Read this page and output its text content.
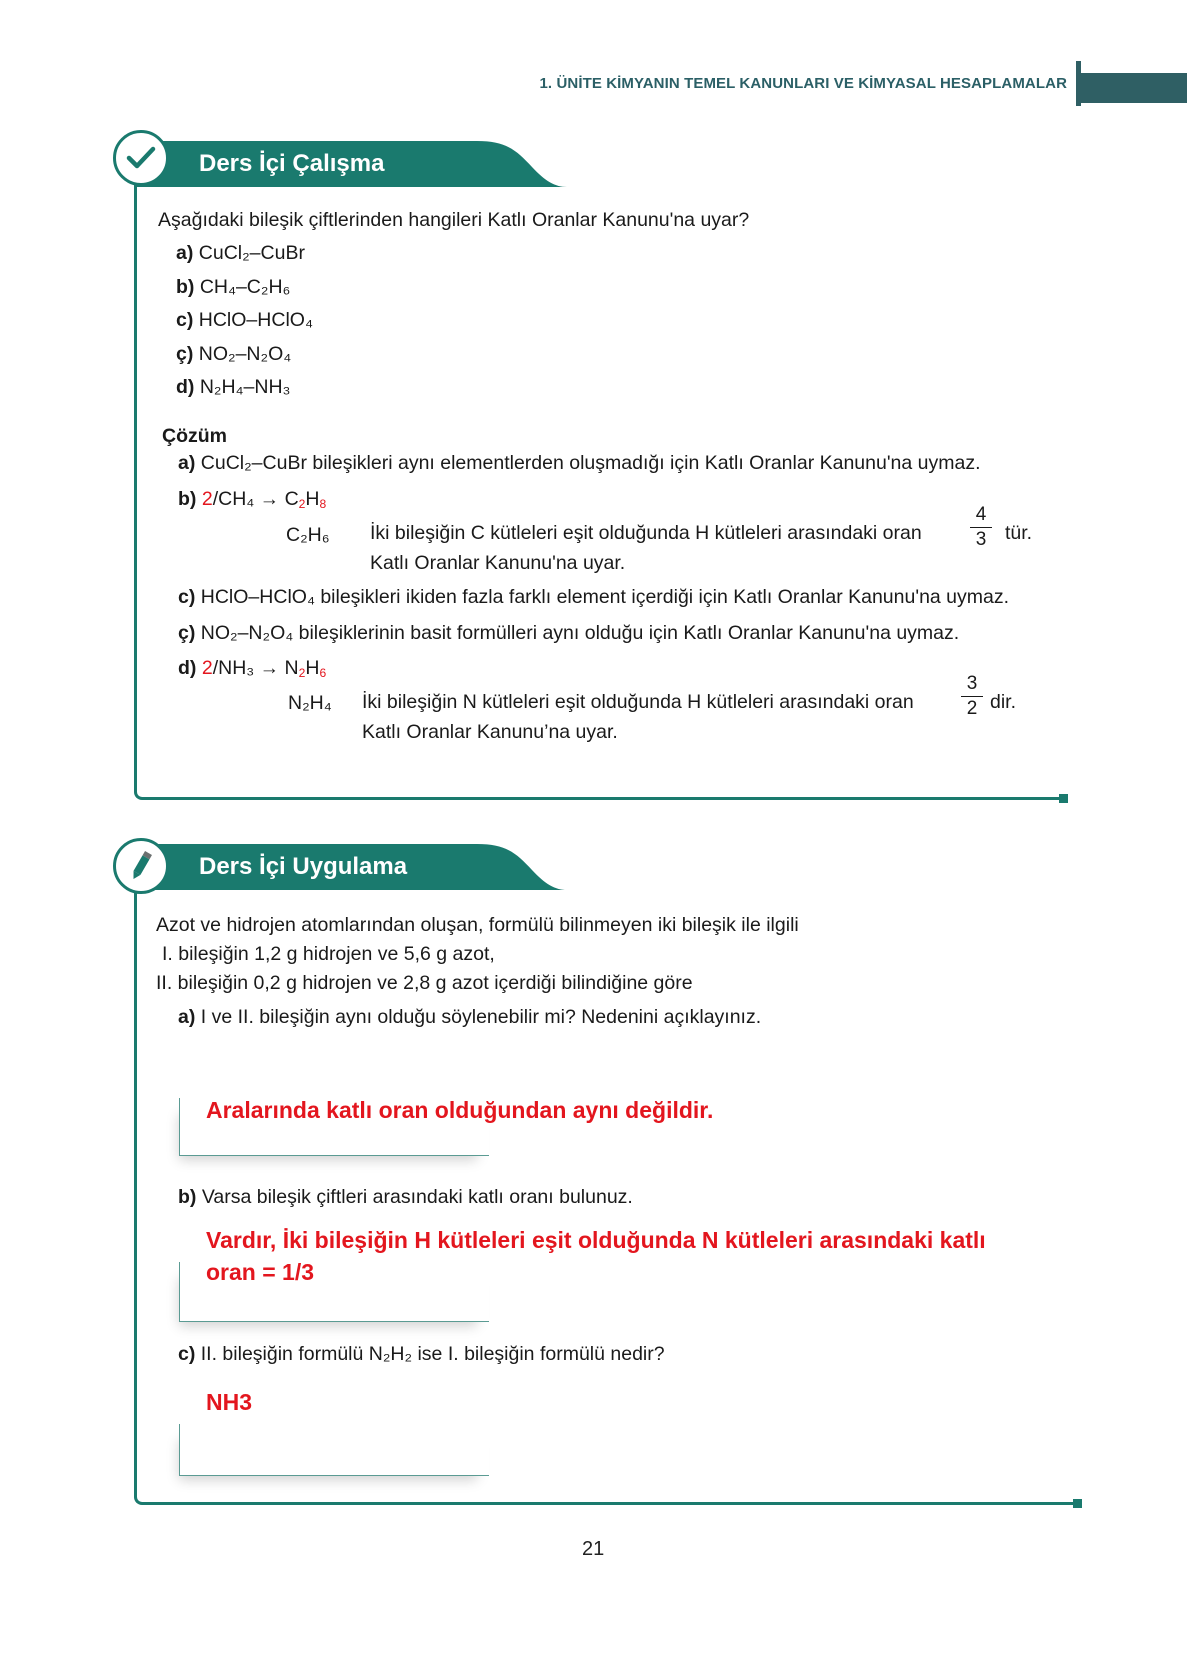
1. ÜNİTE KİMYANIN TEMEL KANUNLARI VE KİMYASAL HESAPLAMALAR
Ders İçi Çalışma
Aşağıdaki bileşik çiftlerinden hangileri Katlı Oranlar Kanunu'na uyar?
a) CuCl₂–CuBr
b) CH₄–C₂H₆
c) HClO–HClO₄
ç) NO₂–N₂O₄
d) N₂H₄–NH₃
Çözüm
a) CuCl₂–CuBr bileşikleri aynı elementlerden oluşmadığı için Katlı Oranlar Kanunu'na uymaz.
b) $2/CH_4 \to C_2H_8$
C₂H₆ İki bileşiğin C kütleleri eşit olduğunda H kütleleri arasındaki oran
4
3 tür.
Katlı Oranlar Kanunu'na uyar.
c) HClO–HClO₄ bileşikleri ikiden fazla farklı element içerdiği için Katlı Oranlar Kanunu'na uymaz.
ç) NO₂–N₂O₄ bileşiklerinin basit formülleri aynı olduğu için Katlı Oranlar Kanunu'na uymaz.
d) $2/NH_3 \to N_2H_6$
N₂H₄ İki bileşiğin N kütleleri eşit olduğunda H kütleleri arasındaki oran
3
2 dir.
Katlı Oranlar Kanunu’na uyar.
Ders İçi Uygulama
Azot ve hidrojen atomlarından oluşan, formülü bilinmeyen iki bileşik ile ilgili
I. bileşiğin 1,2 g hidrojen ve 5,6 g azot,
II. bileşiğin 0,2 g hidrojen ve 2,8 g azot içerdiği bilindiğine göre
a) I ve II. bileşiğin aynı olduğu söylenebilir mi? Nedenini açıklayınız.
Aralarında katlı oran olduğundan aynı değildir.
b) Varsa bileşik çiftleri arasındaki katlı oranı bulunuz.
Vardır, İki bileşiğin H kütleleri eşit olduğunda N kütleleri arasındaki katlı
oran = 1/3
c) II. bileşiğin formülü N₂H₂ ise I. bileşiğin formülü nedir?
NH3
21
